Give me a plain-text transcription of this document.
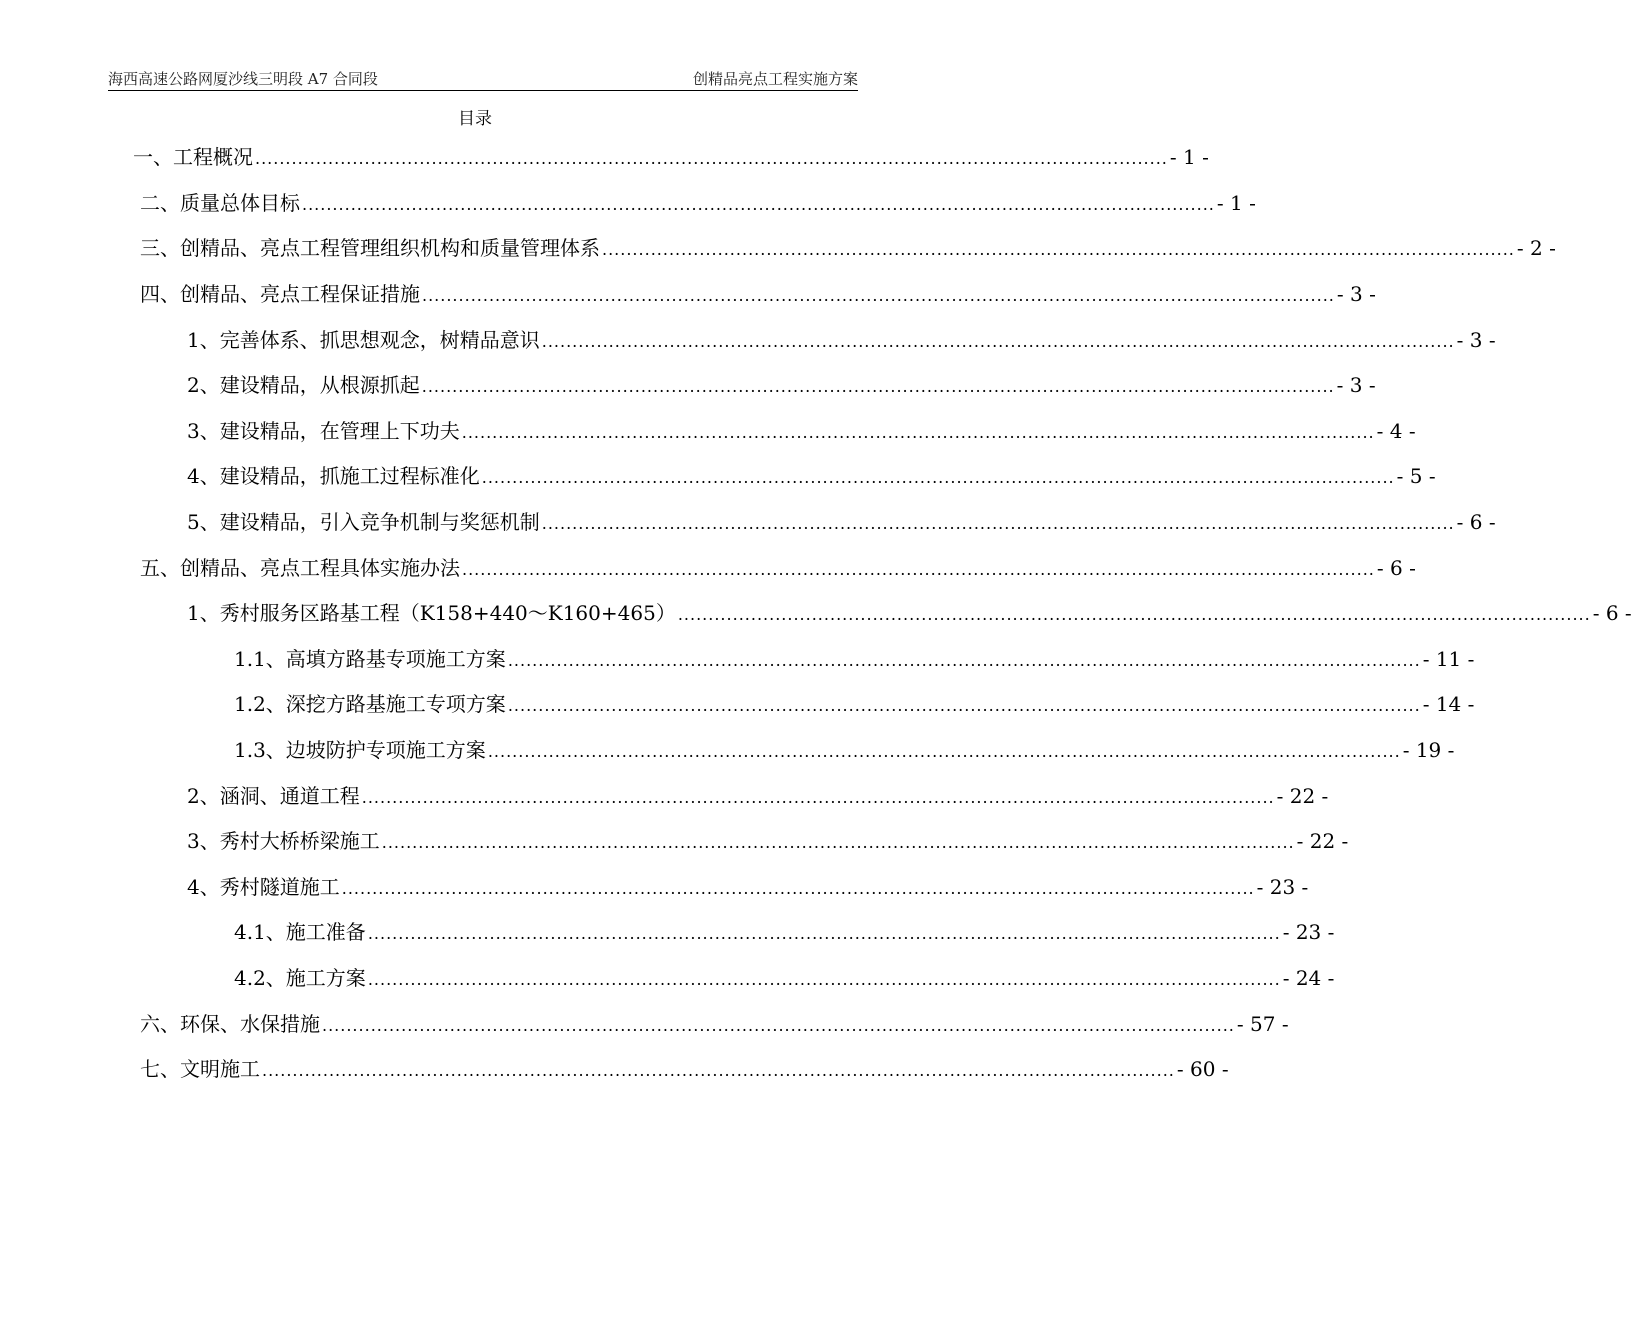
海西高速公路网厦沙线三明段 A7 合同段	创精品亮点工程实施方案
目录
一、工程概况 ...................................................................................................................................................... - 1 -
二、质量总体目标 ...................................................................................................................................................... - 1 -
三、创精品、亮点工程管理组织机构和质量管理体系 ...................................................................................................................................................... - 2 -
四、创精品、亮点工程保证措施 ...................................................................................................................................................... - 3 -
1、完善体系、抓思想观念，树精品意识 ...................................................................................................................................................... - 3 -
2、建设精品，从根源抓起 ...................................................................................................................................................... - 3 -
3、建设精品，在管理上下功夫 ...................................................................................................................................................... - 4 -
4、建设精品，抓施工过程标准化 ...................................................................................................................................................... - 5 -
5、建设精品，引入竞争机制与奖惩机制 ...................................................................................................................................................... - 6 -
五、创精品、亮点工程具体实施办法 ...................................................................................................................................................... - 6 -
1、秀村服务区路基工程（K158+440～K160+465） ...................................................................................................................................................... - 6 -
1.1、高填方路基专项施工方案 ...................................................................................................................................................... - 11 -
1.2、深挖方路基施工专项方案 ...................................................................................................................................................... - 14 -
1.3、边坡防护专项施工方案 ...................................................................................................................................................... - 19 -
2、涵洞、通道工程 ...................................................................................................................................................... - 22 -
3、秀村大桥桥梁施工 ...................................................................................................................................................... - 22 -
4、秀村隧道施工 ...................................................................................................................................................... - 23 -
4.1、施工准备 ...................................................................................................................................................... - 23 -
4.2、施工方案 ...................................................................................................................................................... - 24 -
六、环保、水保措施 ...................................................................................................................................................... - 57 -
七、文明施工 ...................................................................................................................................................... - 60 -
